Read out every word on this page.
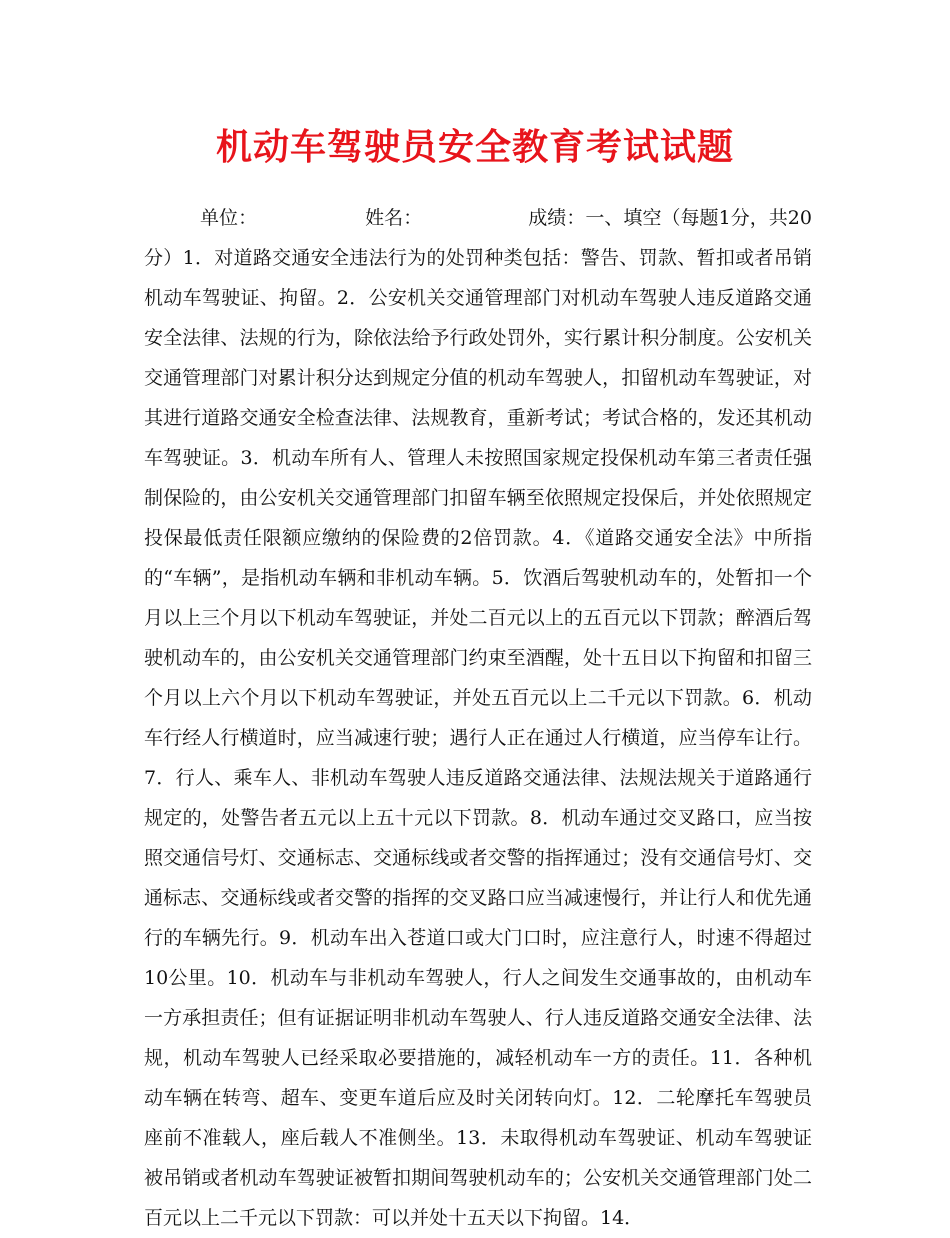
机动车驾驶员安全教育考试试题

单位：	姓名：	成绩：一、填空（每题1分，共20分）1．对道路交通安全违法行为的处罚种类包括：警告、罚款、暂扣或者吊销机动车驾驶证、拘留。2．公安机关交通管理部门对机动车驾驶人违反道路交通安全法律、法规的行为，除依法给予行政处罚外，实行累计积分制度。公安机关交通管理部门对累计积分达到规定分值的机动车驾驶人，扣留机动车驾驶证，对其进行道路交通安全检查法律、法规教育，重新考试；考试合格的，发还其机动车驾驶证。3．机动车所有人、管理人未按照国家规定投保机动车第三者责任强制保险的，由公安机关交通管理部门扣留车辆至依照规定投保后，并处依照规定投保最低责任限额应缴纳的保险费的2倍罚款。4．《道路交通安全法》中所指的“车辆”，是指机动车辆和非机动车辆。5．饮酒后驾驶机动车的，处暂扣一个月以上三个月以下机动车驾驶证，并处二百元以上的五百元以下罚款；醉酒后驾驶机动车的，由公安机关交通管理部门约束至酒醒，处十五日以下拘留和扣留三个月以上六个月以下机动车驾驶证，并处五百元以上二千元以下罚款。6．机动车行经人行横道时，应当减速行驶；遇行人正在通过人行横道，应当停车让行。7．行人、乘车人、非机动车驾驶人违反道路交通法律、法规法规关于道路通行规定的，处警告者五元以上五十元以下罚款。8．机动车通过交叉路口，应当按照交通信号灯、交通标志、交通标线或者交警的指挥通过；没有交通信号灯、交通标志、交通标线或者交警的指挥的交叉路口应当减速慢行，并让行人和优先通行的车辆先行。9．机动车出入苍道口或大门口时，应注意行人，时速不得超过10公里。10．机动车与非机动车驾驶人，行人之间发生交通事故的，由机动车一方承担责任；但有证据证明非机动车驾驶人、行人违反道路交通安全法律、法规，机动车驾驶人已经采取必要措施的，减轻机动车一方的责任。11．各种机动车辆在转弯、超车、变更车道后应及时关闭转向灯。12．二轮摩托车驾驶员座前不准载人，座后载人不准侧坐。13．未取得机动车驾驶证、机动车驾驶证被吊销或者机动车驾驶证被暂扣期间驾驶机动车的；公安机关交通管理部门处二百元以上二千元以下罚款：可以并处十五天以下拘留。14．
